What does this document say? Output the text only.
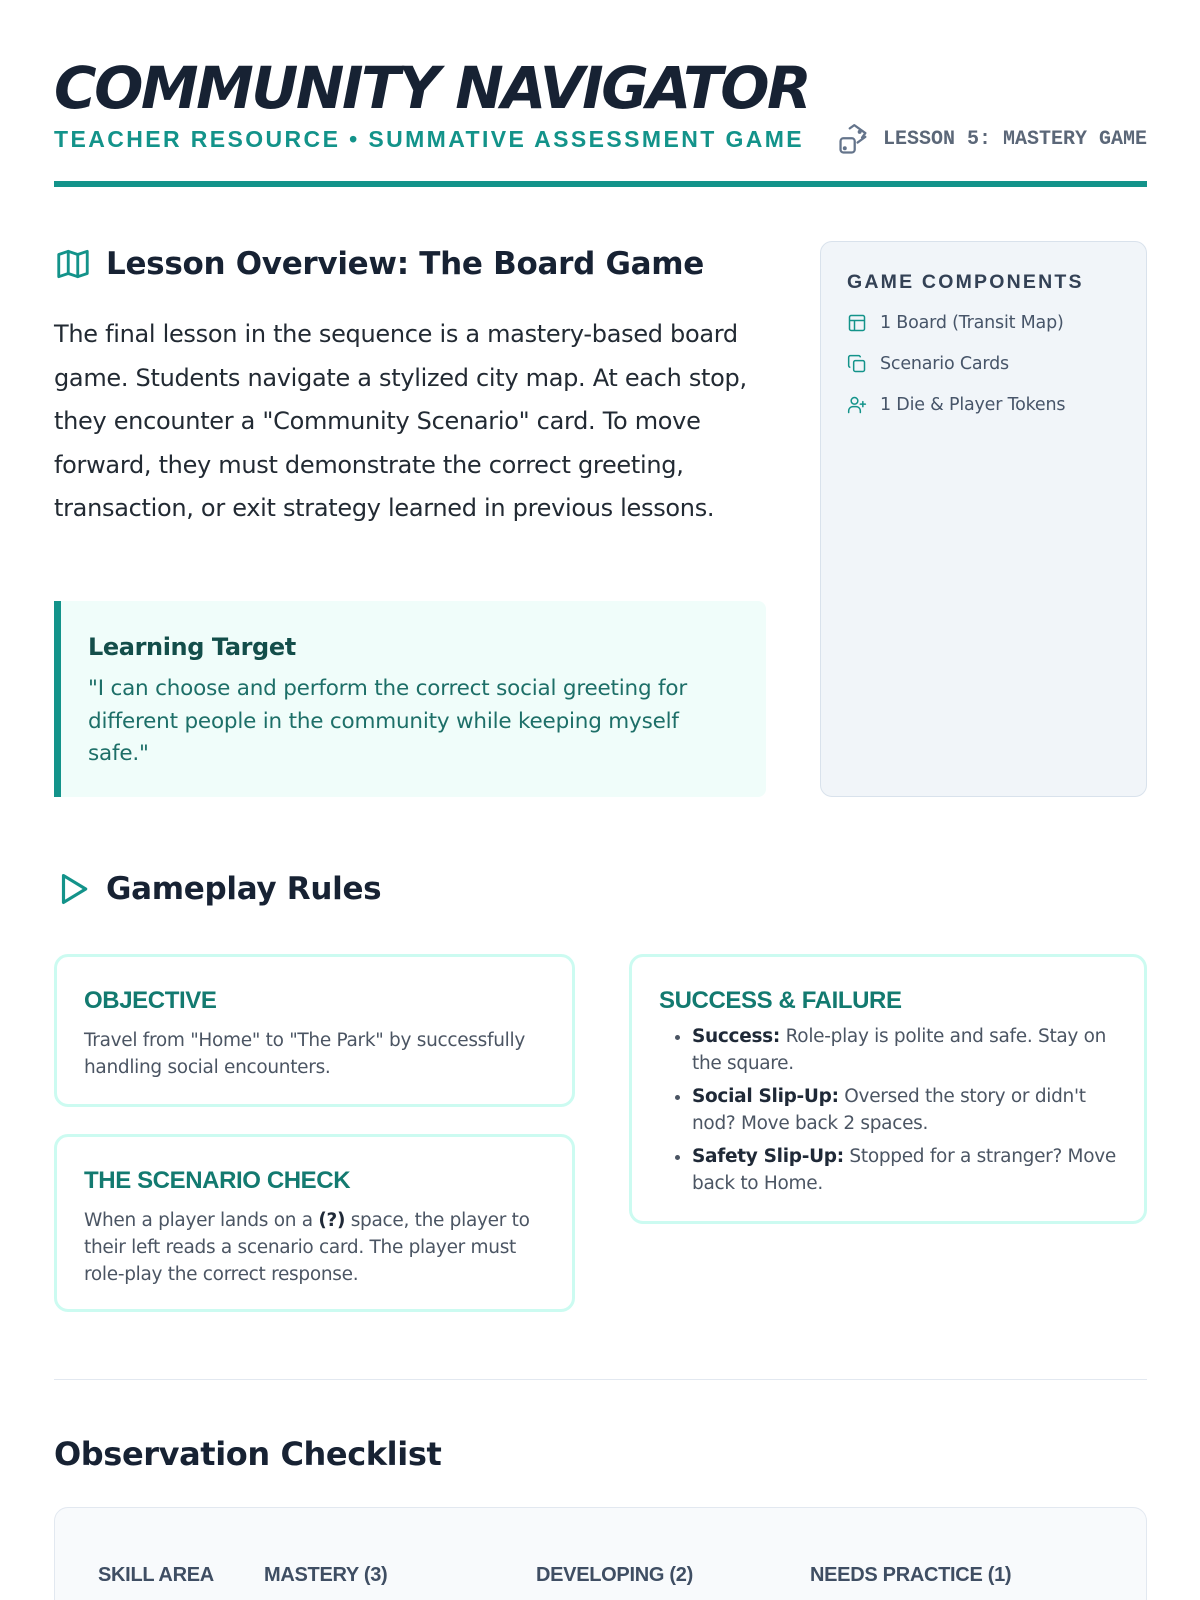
COMMUNITY NAVIGATOR
TEACHER RESOURCE • SUMMATIVE ASSESSMENT GAME	LESSON 5: MASTERY GAME
Lesson Overview: The Board Game

The final lesson in the sequence is a mastery-based board game. Students navigate a stylized city map. At each stop, they encounter a "Community Scenario" card. To move forward, they must demonstrate the correct greeting, transaction, or exit strategy learned in previous lessons.

Learning Target
"I can choose and perform the correct social greeting for different people in the community while keeping myself safe."
GAME COMPONENTS
1 Board (Transit Map)
Scenario Cards
1 Die & Player Tokens
Gameplay Rules
OBJECTIVE
Travel from "Home" to "The Park" by successfully handling social encounters.
THE SCENARIO CHECK
When a player lands on a (?) space, the player to their left reads a scenario card. The player must role-play the correct response.
SUCCESS & FAILURE
• Success: Role-play is polite and safe. Stay on the square.
• Social Slip-Up: Oversed the story or didn't nod? Move back 2 spaces.
• Safety Slip-Up: Stopped for a stranger? Move back to Home.
Observation Checklist
SKILL AREA	MASTERY (3)	DEVELOPING (2)	NEEDS PRACTICE (1)
